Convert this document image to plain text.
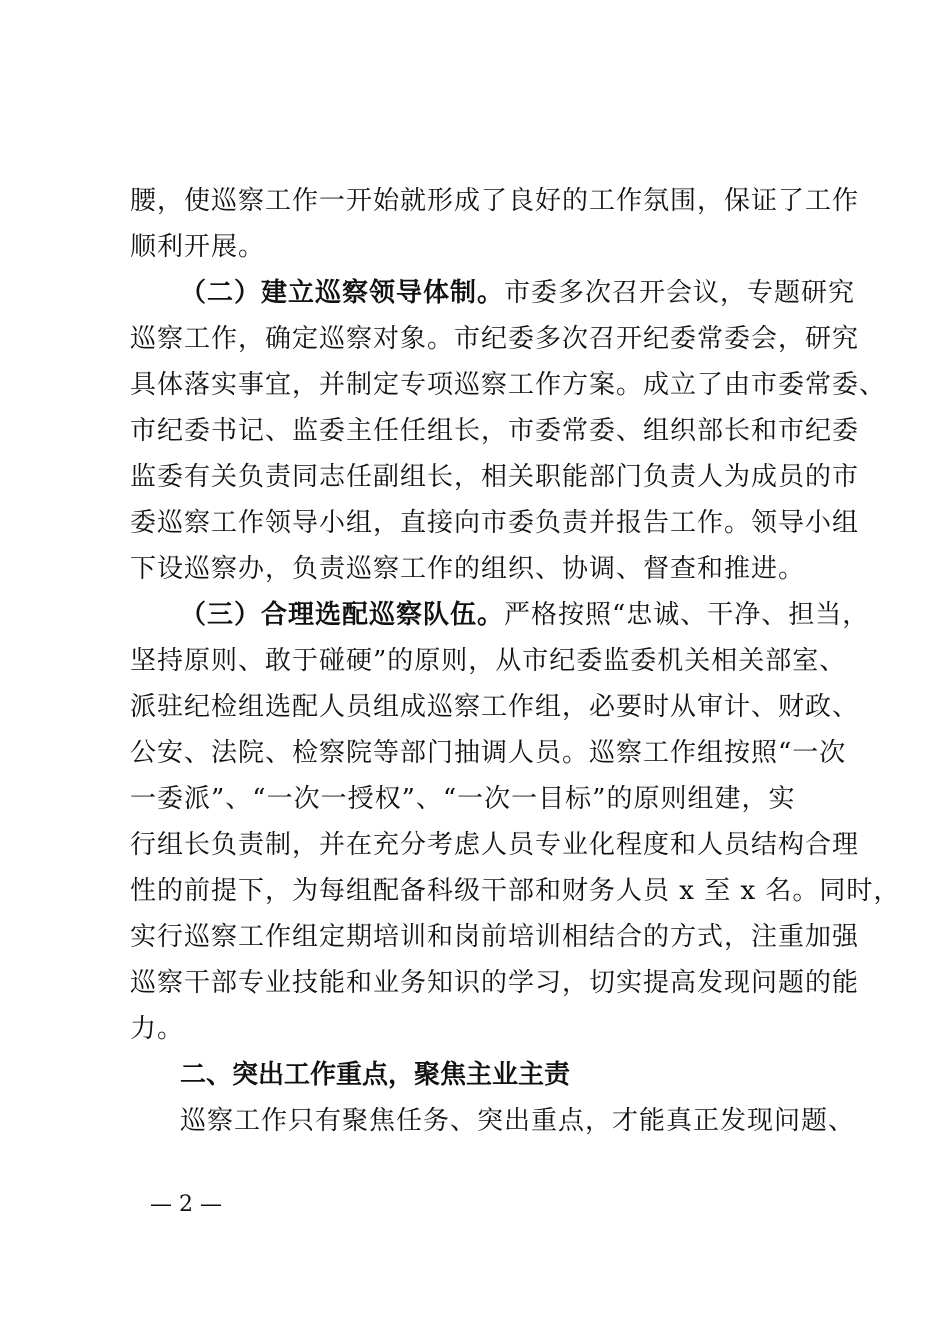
腰，使巡察工作一开始就形成了良好的工作氛围，保证了工作
顺利开展。
（二）建立巡察领导体制。市委多次召开会议，专题研究
巡察工作，确定巡察对象。市纪委多次召开纪委常委会，研究
具体落实事宜，并制定专项巡察工作方案。成立了由市委常委、
市纪委书记、监委主任任组长，市委常委、组织部长和市纪委
监委有关负责同志任副组长，相关职能部门负责人为成员的市
委巡察工作领导小组，直接向市委负责并报告工作。领导小组
下设巡察办，负责巡察工作的组织、协调、督查和推进。
（三）合理选配巡察队伍。严格按照“忠诚、干净、担当，
坚持原则、敢于碰硬”的原则，从市纪委监委机关相关部室、
派驻纪检组选配人员组成巡察工作组，必要时从审计、财政、
公安、法院、检察院等部门抽调人员。巡察工作组按照“一次
一委派”、“一次一授权”、“一次一目标”的原则组建，实
行组长负责制，并在充分考虑人员专业化程度和人员结构合理
性的前提下，为每组配备科级干部和财务人员 x 至 x 名。同时，
实行巡察工作组定期培训和岗前培训相结合的方式，注重加强
巡察干部专业技能和业务知识的学习，切实提高发现问题的能
力。
二、突出工作重点，聚焦主业主责
巡察工作只有聚焦任务、突出重点，才能真正发现问题、
— 2 —
